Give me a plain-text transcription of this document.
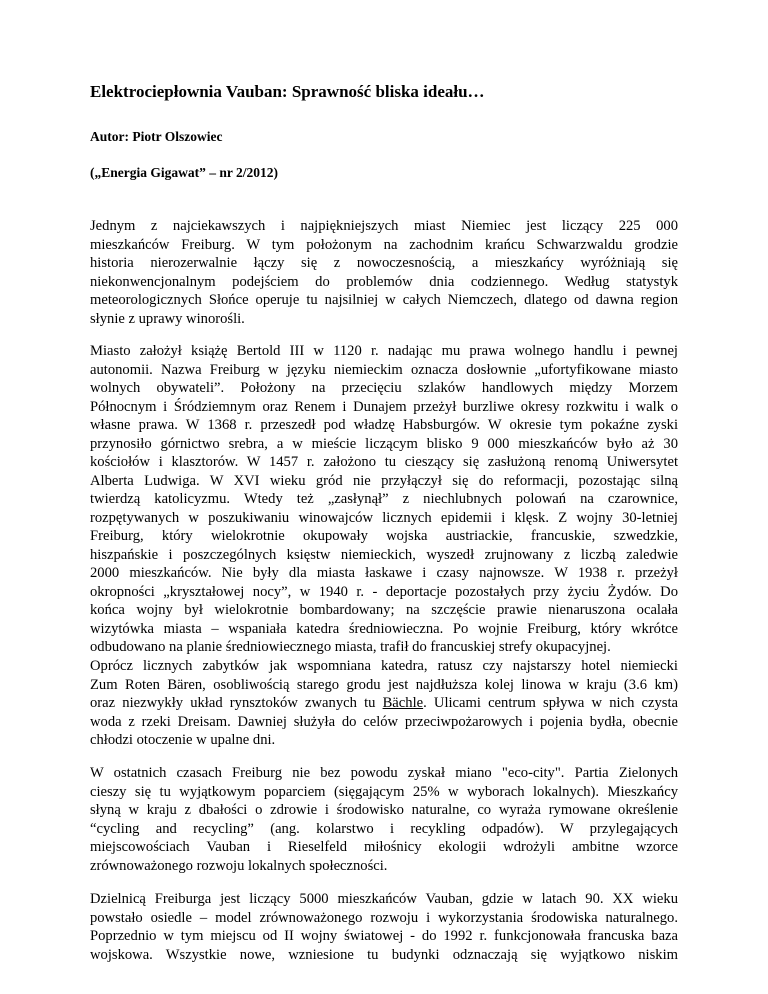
Elektrociepłownia Vauban: Sprawność bliska ideału…
Autor: Piotr Olszowiec
(„Energia Gigawat” – nr 2/2012)
Jednym z najciekawszych i najpiękniejszych miast Niemiec jest liczący 225 000
mieszkańców Freiburg. W tym położonym na zachodnim krańcu Schwarzwaldu grodzie
historia nierozerwalnie łączy się z nowoczesnością, a mieszkańcy wyróżniają się
niekonwencjonalnym podejściem do problemów dnia codziennego. Według statystyk
meteorologicznych Słońce operuje tu najsilniej w całych Niemczech, dlatego od dawna region
słynie z uprawy winorośli.
Miasto założył książę Bertold III w 1120 r. nadając mu prawa wolnego handlu i pewnej
autonomii. Nazwa Freiburg w języku niemieckim oznacza dosłownie „ufortyfikowane miasto
wolnych obywateli”. Położony na przecięciu szlaków handlowych między Morzem
Północnym i Śródziemnym oraz Renem i Dunajem przeżył burzliwe okresy rozkwitu i walk o
własne prawa. W 1368 r. przeszedł pod władzę Habsburgów. W okresie tym pokaźne zyski
przynosiło górnictwo srebra, a w mieście liczącym blisko 9 000 mieszkańców było aż 30
kościołów i klasztorów. W 1457 r. założono tu cieszący się zasłużoną renomą Uniwersytet
Alberta Ludwiga. W XVI wieku gród nie przyłączył się do reformacji, pozostając silną
twierdzą katolicyzmu. Wtedy też „zasłynął” z niechlubnych polowań na czarownice,
rozpętywanych w poszukiwaniu winowajców licznych epidemii i klęsk. Z wojny 30-letniej
Freiburg, który wielokrotnie okupowały wojska austriackie, francuskie, szwedzkie,
hiszpańskie i poszczególnych księstw niemieckich, wyszedł zrujnowany z liczbą zaledwie
2000 mieszkańców. Nie były dla miasta łaskawe i czasy najnowsze. W 1938 r. przeżył
okropności „kryształowej nocy”, w 1940 r. - deportacje pozostałych przy życiu Żydów. Do
końca wojny był wielokrotnie bombardowany; na szczęście prawie nienaruszona ocalała
wizytówka miasta – wspaniała katedra średniowieczna. Po wojnie Freiburg, który wkrótce
odbudowano na planie średniowiecznego miasta, trafił do francuskiej strefy okupacyjnej.
Oprócz licznych zabytków jak wspomniana katedra, ratusz czy najstarszy hotel niemiecki
Zum Roten Bären, osobliwością starego grodu jest najdłuższa kolej linowa w kraju (3.6 km)
oraz niezwykły układ rynsztoków zwanych tu Bächle. Ulicami centrum spływa w nich czysta
woda z rzeki Dreisam. Dawniej służyła do celów przeciwpożarowych i pojenia bydła, obecnie
chłodzi otoczenie w upalne dni.
W ostatnich czasach Freiburg nie bez powodu zyskał miano "eco-city". Partia Zielonych
cieszy się tu wyjątkowym poparciem (sięgającym 25% w wyborach lokalnych). Mieszkańcy
słyną w kraju z dbałości o zdrowie i środowisko naturalne, co wyraża rymowane określenie
“cycling and recycling” (ang. kolarstwo i recykling odpadów). W przylegających
miejscowościach Vauban i Rieselfeld miłośnicy ekologii wdrożyli ambitne wzorce
zrównoważonego rozwoju lokalnych społeczności.
Dzielnicą Freiburga jest liczący 5000 mieszkańców Vauban, gdzie w latach 90. XX wieku
powstało osiedle – model zrównoważonego rozwoju i wykorzystania środowiska naturalnego.
Poprzednio w tym miejscu od II wojny światowej - do 1992 r. funkcjonowała francuska baza
wojskowa. Wszystkie nowe, wzniesione tu budynki odznaczają się wyjątkowo niskim
